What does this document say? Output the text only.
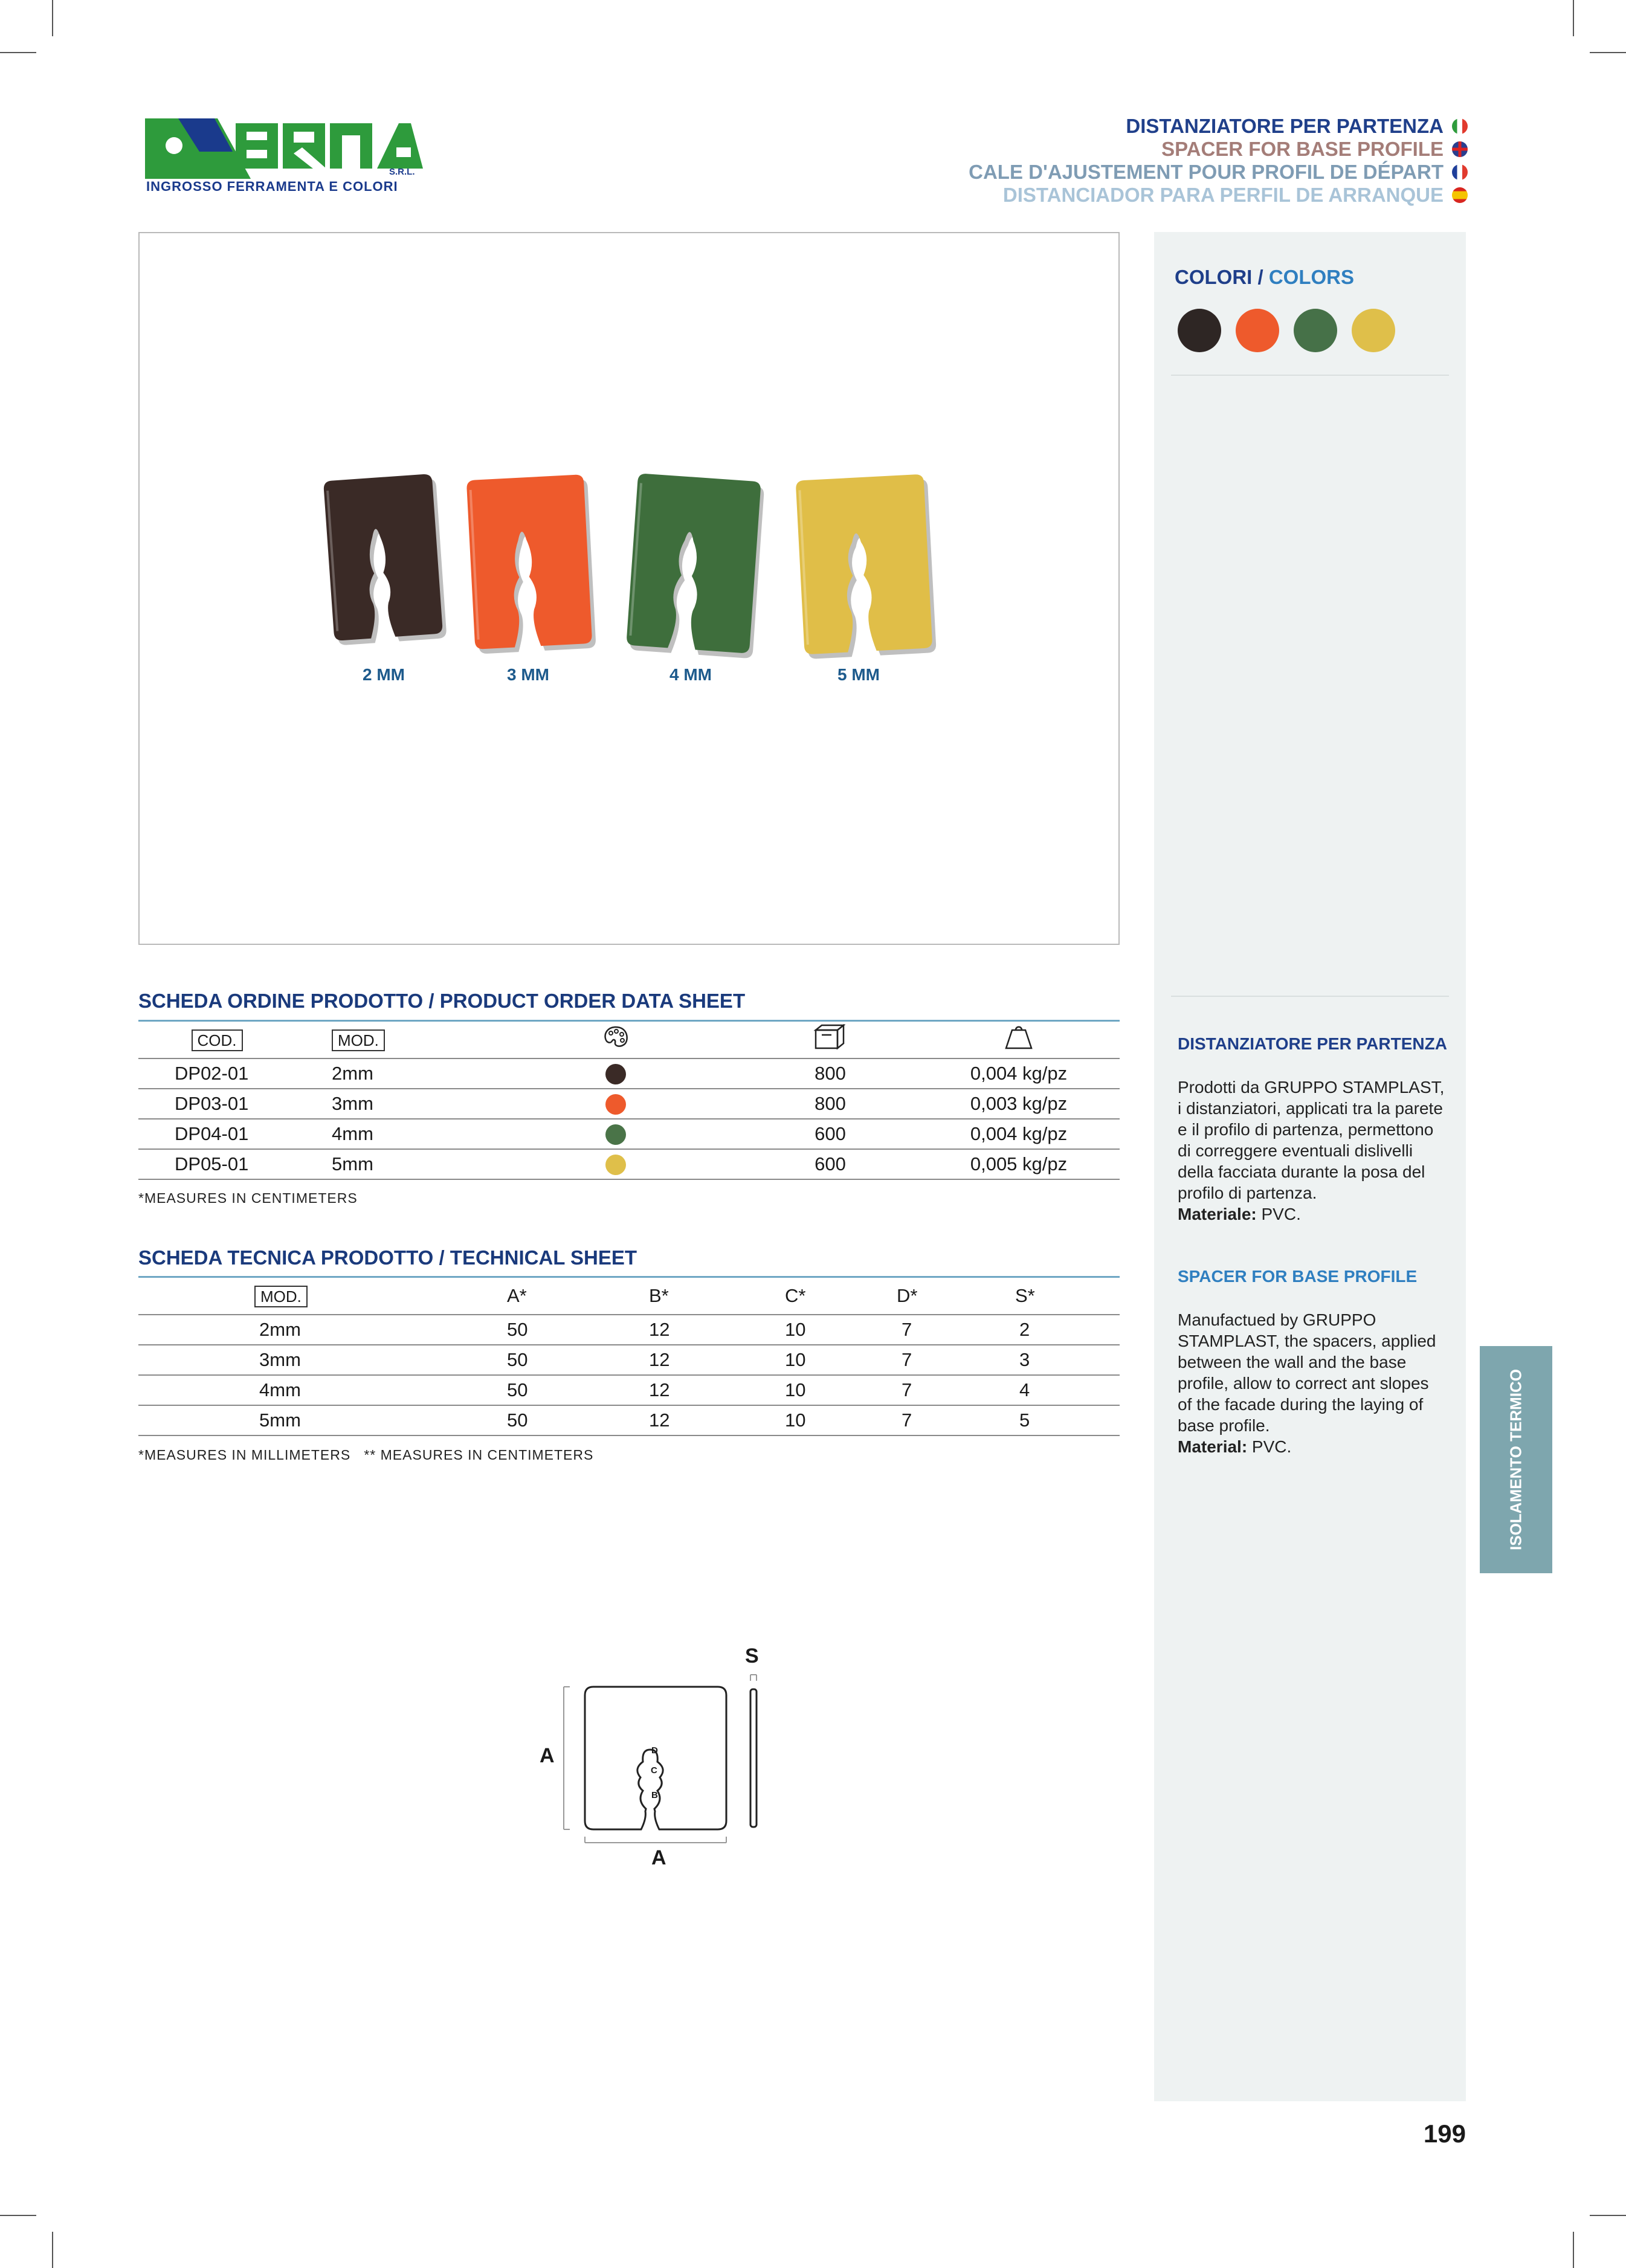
S.R.L.
INGROSSO FERRAMENTA E COLORI
DISTANZIATORE PER PARTENZA
SPACER FOR BASE PROFILE
CALE D'AJUSTEMENT POUR PROFIL DE DÉPART
DISTANCIADOR PARA PERFIL DE ARRANQUE
2 MM	3 MM	4 MM	5 MM
COLORI / COLORS
DISTANZIATORE PER PARTENZA
Prodotti da GRUPPO STAMPLAST, i distanziatori, applicati tra la parete e il profilo di partenza, permettono di correggere eventuali dislivelli della facciata durante la posa del profilo di partenza.
Materiale: PVC.
SPACER FOR BASE PROFILE
Manufactued by GRUPPO STAMPLAST, the spacers, applied between the wall and the base profile, allow to correct ant slopes of the facade during the laying of base profile.
Material: PVC.	ISOLAMENTO TERMICO
SCHEDA ORDINE PRODOTTO / PRODUCT ORDER DATA SHEET
COD.	MOD.			
DP02-01	2mm		800	0,004 kg/pz
DP03-01	3mm		800	0,003 kg/pz
DP04-01	4mm		600	0,004 kg/pz
DP05-01	5mm		600	0,005 kg/pz
*MEASURES IN CENTIMETERS
SCHEDA TECNICA PRODOTTO / TECHNICAL SHEET
MOD.	A*	B*	C*	D*	S*
2mm	50	12	10	7	2
3mm	50	12	10	7	3
4mm	50	12	10	7	4
5mm	50	12	10	7	5
*MEASURES IN MILLIMETERS   ** MEASURES IN CENTIMETERS
A
A
S
D
C
B
199
